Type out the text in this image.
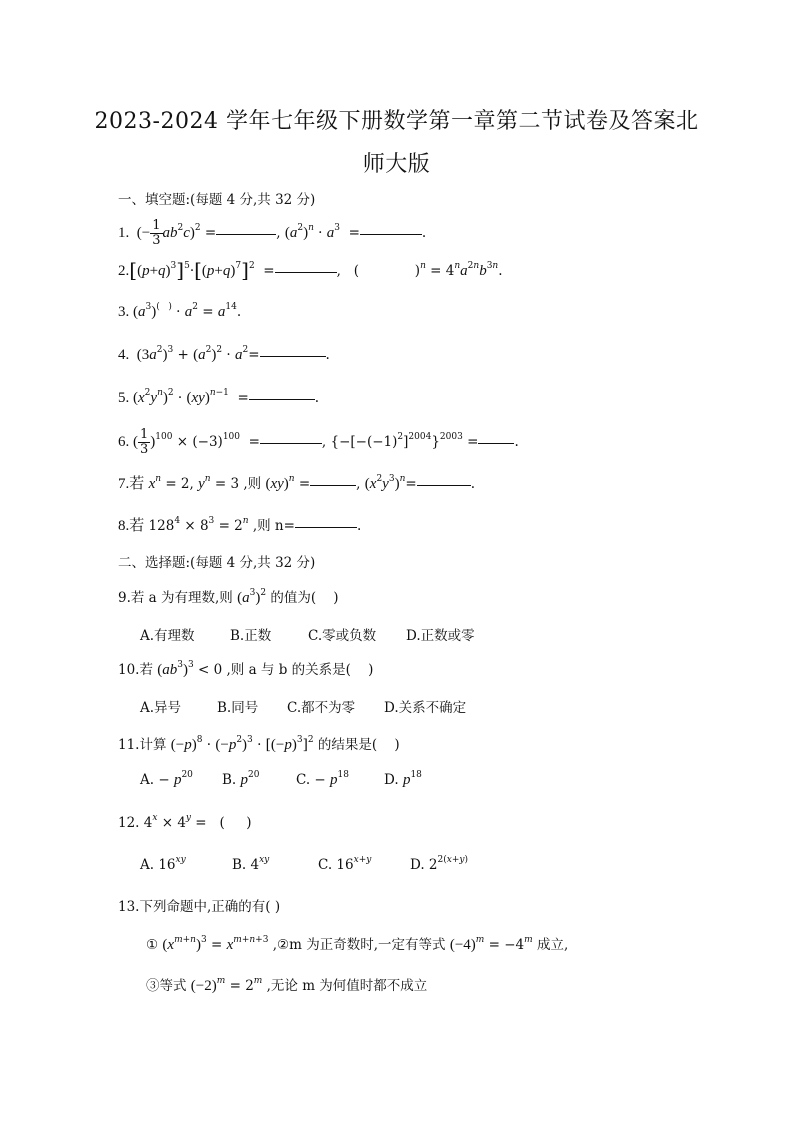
2023-2024 学年七年级下册数学第一章第二节试卷及答案北
师大版
一、填空题:(每题 4 分,共 32 分)
1.  (− $\frac{1}{3} ab^2c)^2$ =	, $(a^2)^n \cdot a^3$  =	.
$2.[(p+q)^3]^5\cdot[(p+q)^7]^2$  =	,   (             )$^n = 4^na^{2n}b^{3n}$.
3. $(a^3)^{( )} \cdot a^2 = a^{14}$.
4.  $(3a^2)^3 + (a^2)^2 \cdot a^2=$	.
5. $(x^2y^n)^2 \cdot (xy)^{n-1}$  =	.
6. ( $\frac{1}{3} )^{100} \times (-3)^{100}$  =	, $\{-[-(-1)^2]^{2004}\}^{2003}$ =	.
7.若 $x^n = 2$, $y^n = 3$ ,则 (xy)$^n$ =	, $(x^2y^3)^n=$	.
8.若 $128^4 \times 8^3 = 2^n$ ,则 n=	.
二、选择题:(每题 4 分,共 32 分)
9.若 a 为有理数,则 $(a^3)^2$ 的值为(    )
A.有理数	B.正数	C.零或负数 D.正数或零
10.若 $(ab^3)^3 < 0$ ,则 a 与 b 的关系是(    )
A.异号	B.同号 C.都不为零 D.关系不确定
11.计算 $(-p)^8 \cdot (-p^2)^3 \cdot [(-p)^3]^2$ 的结果是(    )
A. − $p^{20}$ B. $p^{20}$	C. − $p^{18}$	D. $p^{18}$
12. $4^x \times 4^y$ =   (     )
A. $16^{xy}$	B. $4^{xy}$	C. $16^{x+y}$	D. $2^{2(x+y)}$
13.下列命题中,正确的有( )
① $(x^{m+n})^3 = x^{m+n+3}$ ,②m 为正奇数时,一定有等式 $(-4)^m = -4^m$ 成立,
③等式 $(-2)^m = 2^m$ ,无论 m 为何值时都不成立
